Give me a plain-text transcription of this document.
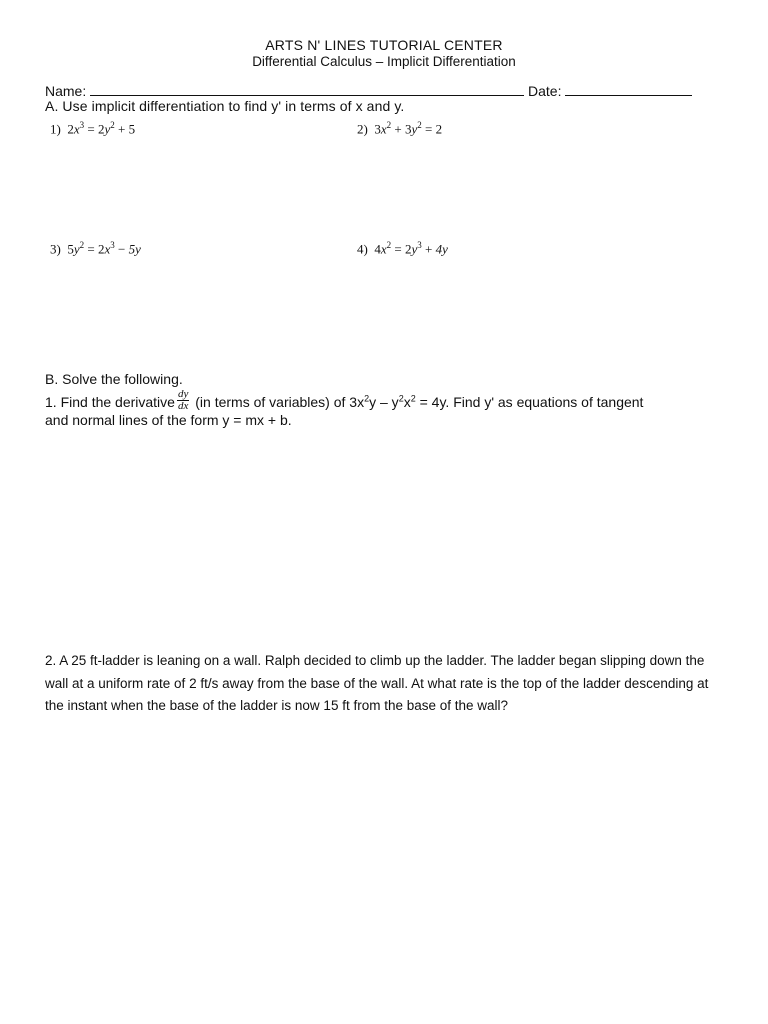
ARTS N' LINES TUTORIAL CENTER
Differential Calculus – Implicit Differentiation
Name:	Date:
A. Use implicit differentiation to find y' in terms of x and y.
1) $2x^3 = 2y^2 + 5$	2) $3x^2 + 3y^2 = 2$
3) $5y^2 = 2x^3 - 5y$	4) $4x^2 = 2y^3 + 4y$
B. Solve the following.
1. Find the derivative $\frac{dy}{dx} (in$ terms of variables) of $3x^2y - y^2x^2 = 4y$. Find y' as equations of tangent
and normal lines of the form y = mx + b.
2. A 25 ft-ladder is leaning on a wall. Ralph decided to climb up the ladder. The ladder began slipping down the wall at a uniform rate of 2 ft/s away from the base of the wall. At what rate is the top of the ladder descending at the instant when the base of the ladder is now 15 ft from the base of the wall?
